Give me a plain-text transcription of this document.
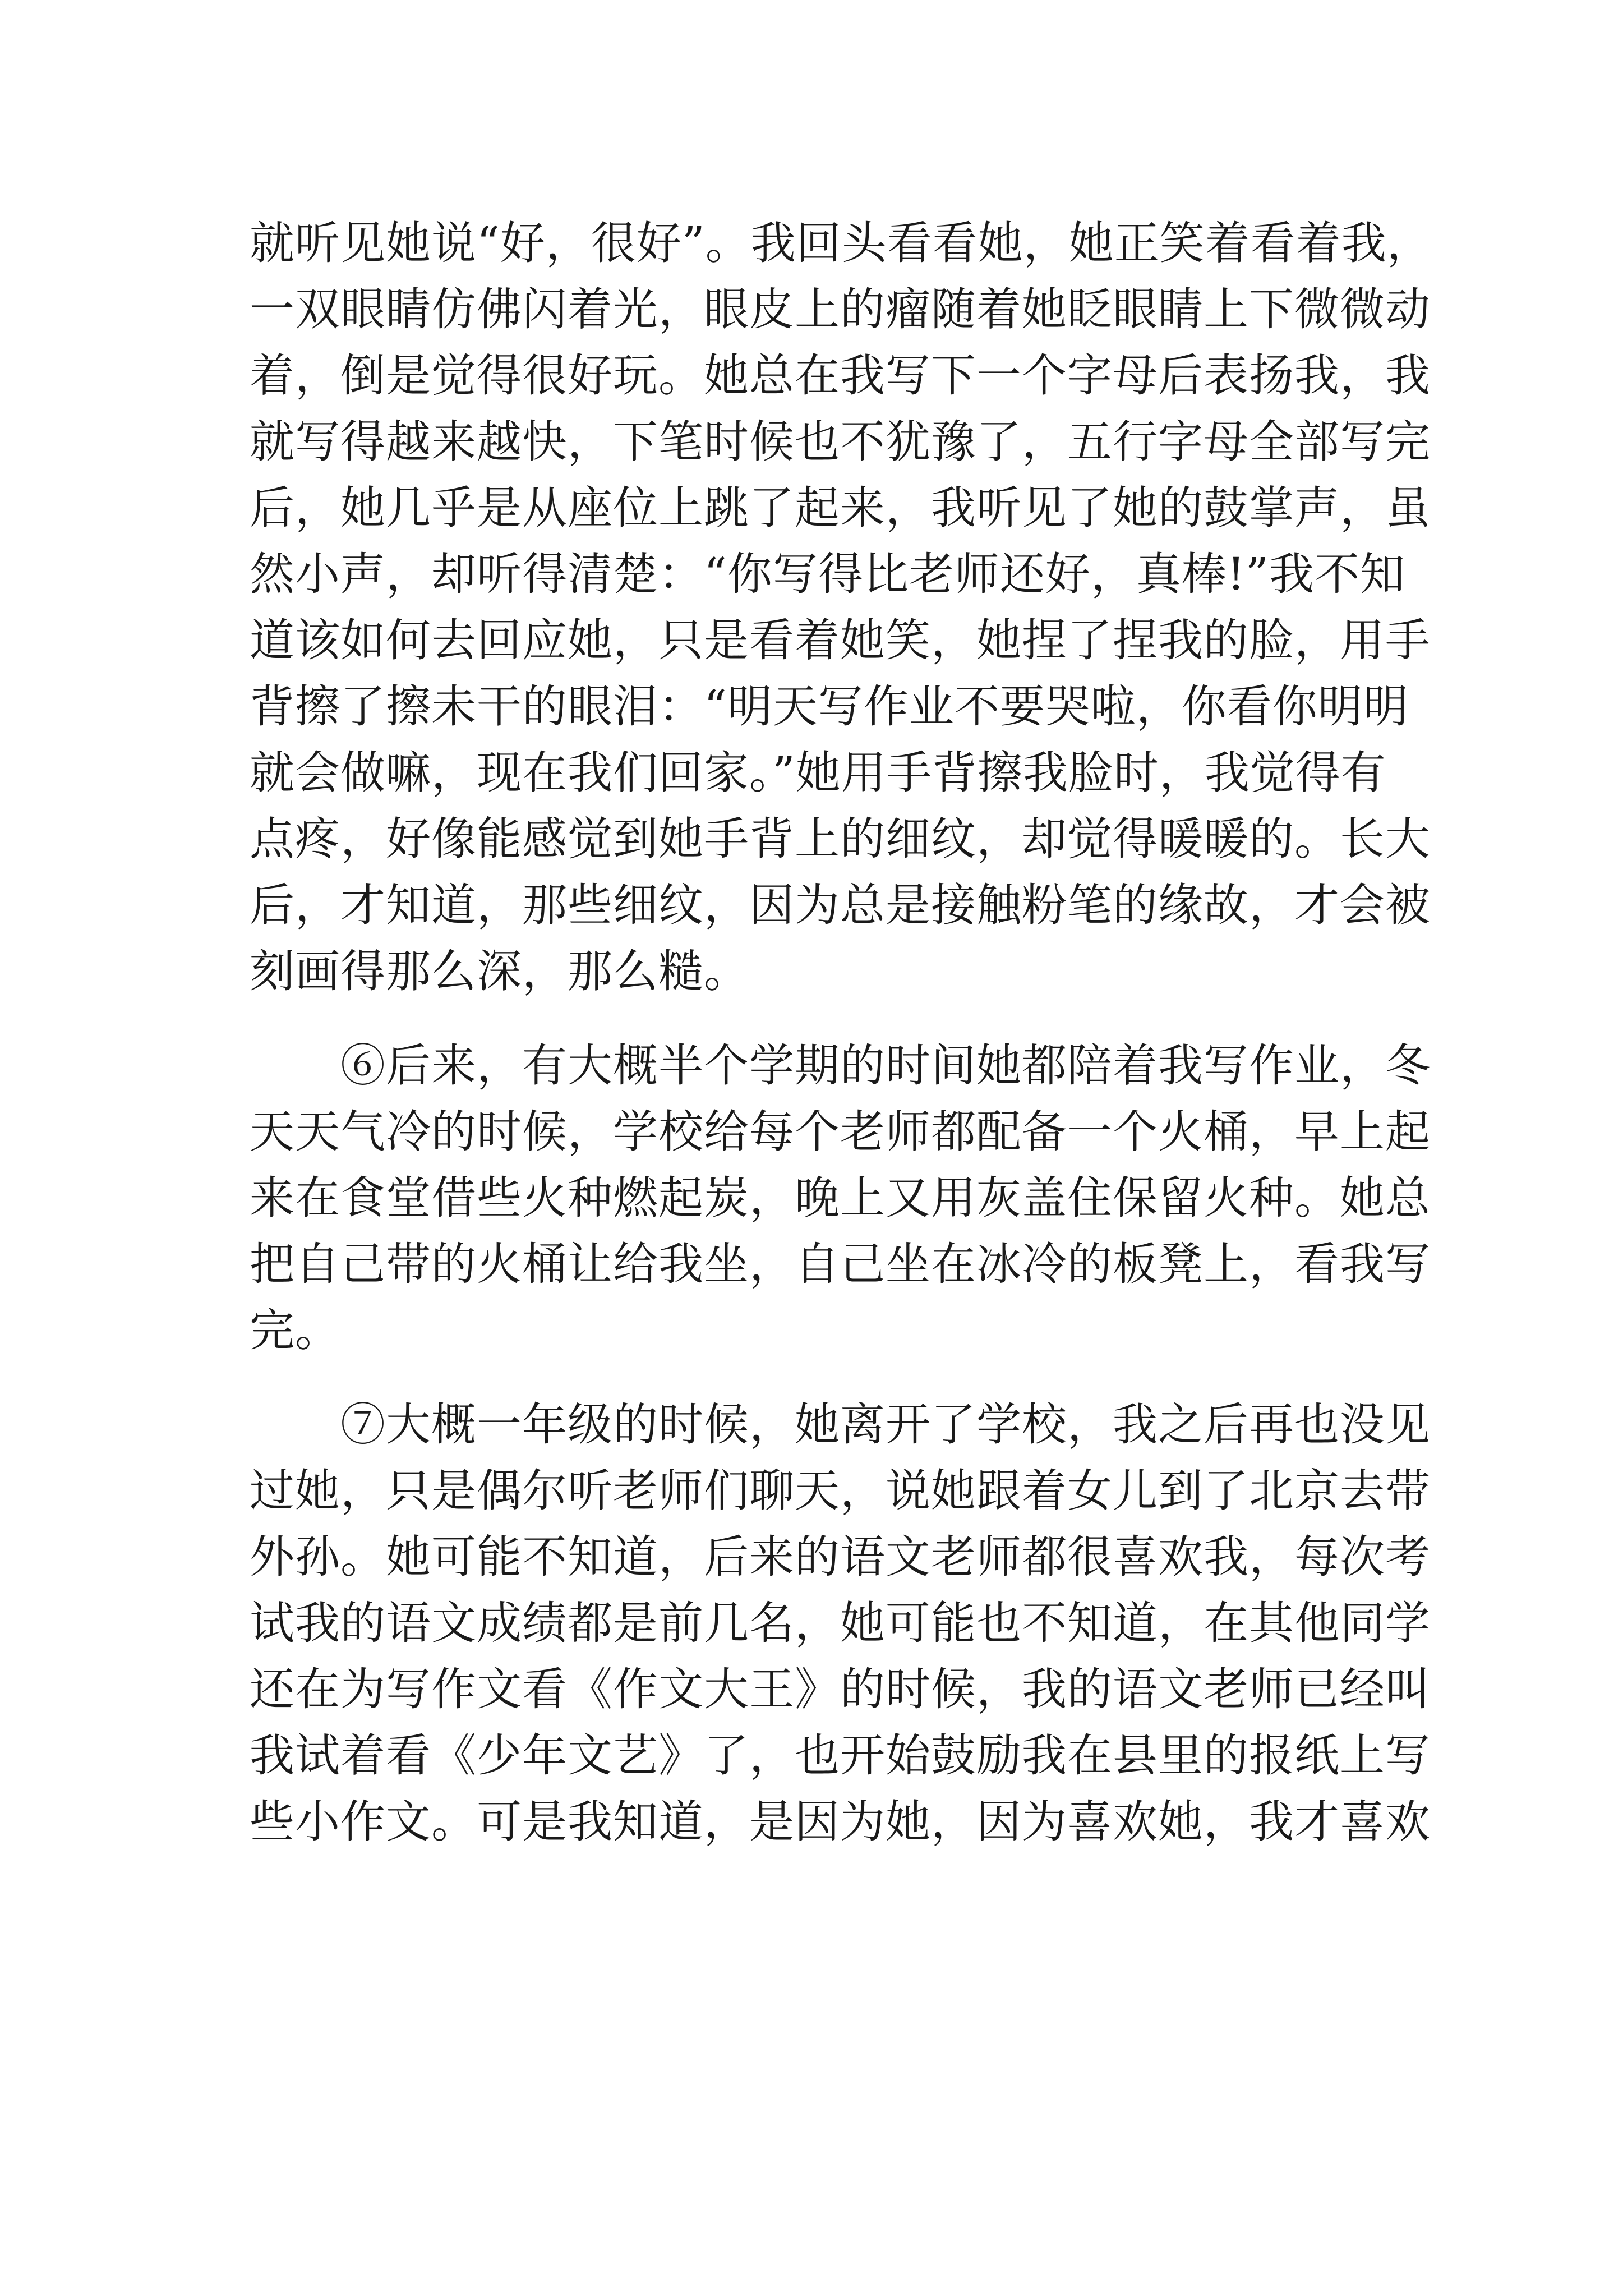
就听见她说“好，很好”。我回头看看她，她正笑着看着我，
一双眼睛仿佛闪着光，眼皮上的瘤随着她眨眼睛上下微微动
着，倒是觉得很好玩。她总在我写下一个字母后表扬我，我
就写得越来越快，下笔时候也不犹豫了，五行字母全部写完
后，她几乎是从座位上跳了起来，我听见了她的鼓掌声，虽
然小声，却听得清楚：“你写得比老师还好，真棒!”我不知
道该如何去回应她，只是看着她笑，她捏了捏我的脸，用手
背擦了擦未干的眼泪：“明天写作业不要哭啦，你看你明明
就会做嘛，现在我们回家。”她用手背擦我脸时，我觉得有
点疼，好像能感觉到她手背上的细纹，却觉得暖暖的。长大
后，才知道，那些细纹，因为总是接触粉笔的缘故，才会被
刻画得那么深，那么糙。

　　⑥后来，有大概半个学期的时间她都陪着我写作业，冬
天天气冷的时候，学校给每个老师都配备一个火桶，早上起
来在食堂借些火种燃起炭，晚上又用灰盖住保留火种。她总
把自己带的火桶让给我坐，自己坐在冰冷的板凳上，看我写
完。

　　⑦大概一年级的时候，她离开了学校，我之后再也没见
过她，只是偶尔听老师们聊天，说她跟着女儿到了北京去带
外孙。她可能不知道，后来的语文老师都很喜欢我，每次考
试我的语文成绩都是前几名，她可能也不知道，在其他同学
还在为写作文看《作文大王》的时候，我的语文老师已经叫
我试着看《少年文艺》了，也开始鼓励我在县里的报纸上写
些小作文。可是我知道，是因为她，因为喜欢她，我才喜欢
